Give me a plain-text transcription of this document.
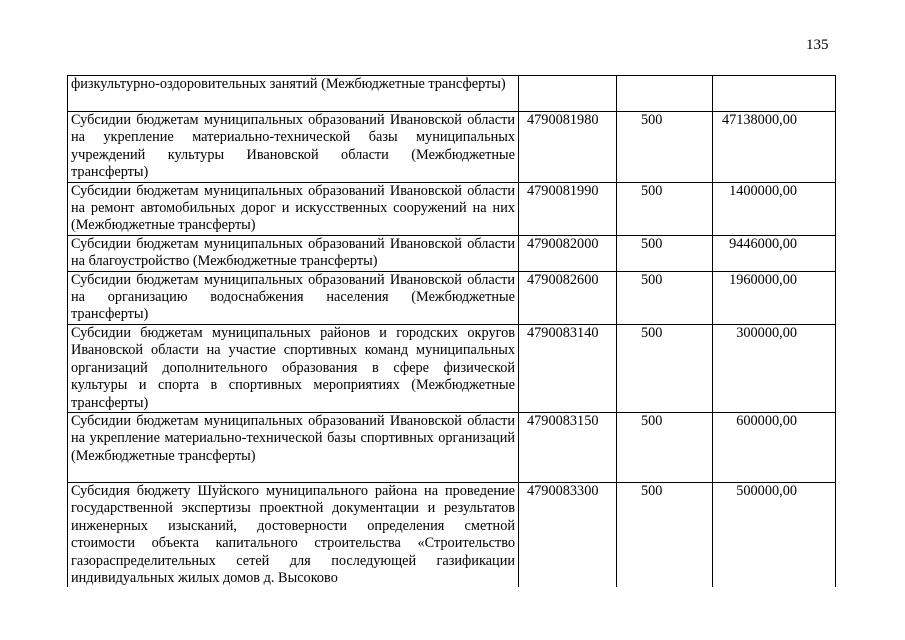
135
физкультурно-оздоровительных занятий (Межбюджетные трансферты)			
Субсидии бюджетам муниципальных образований Ивановской области на укрепление материально-технической базы муниципальных учреждений культуры Ивановской области (Межбюджетные трансферты)	4790081980	500	47138000,00
Субсидии бюджетам муниципальных образований Ивановской области на ремонт автомобильных дорог и искусственных сооружений на них (Межбюджетные трансферты)	4790081990	500	1400000,00
Субсидии бюджетам муниципальных образований Ивановской области на благоустройство (Межбюджетные трансферты)	4790082000	500	9446000,00
Субсидии бюджетам муниципальных образований Ивановской области на организацию водоснабжения населения (Межбюджетные трансферты)	4790082600	500	1960000,00
Субсидии бюджетам муниципальных районов и городских округов Ивановской области на участие спортивных команд муниципальных организаций дополнительного образования в сфере физической культуры и спорта в спортивных мероприятиях (Межбюджетные трансферты)	4790083140	500	300000,00
Субсидии бюджетам муниципальных образований Ивановской области на укрепление материально-технической базы спортивных организаций (Межбюджетные трансферты)	4790083150	500	600000,00
Субсидия бюджету Шуйского муниципального района на проведение государственной экспертизы проектной документации и результатов инженерных изысканий, достоверности определения сметной стоимости объекта капитального строительства «Строительство газораспределительных сетей для последующей газификации индивидуальных жилых домов д. Высоково	4790083300	500	500000,00
